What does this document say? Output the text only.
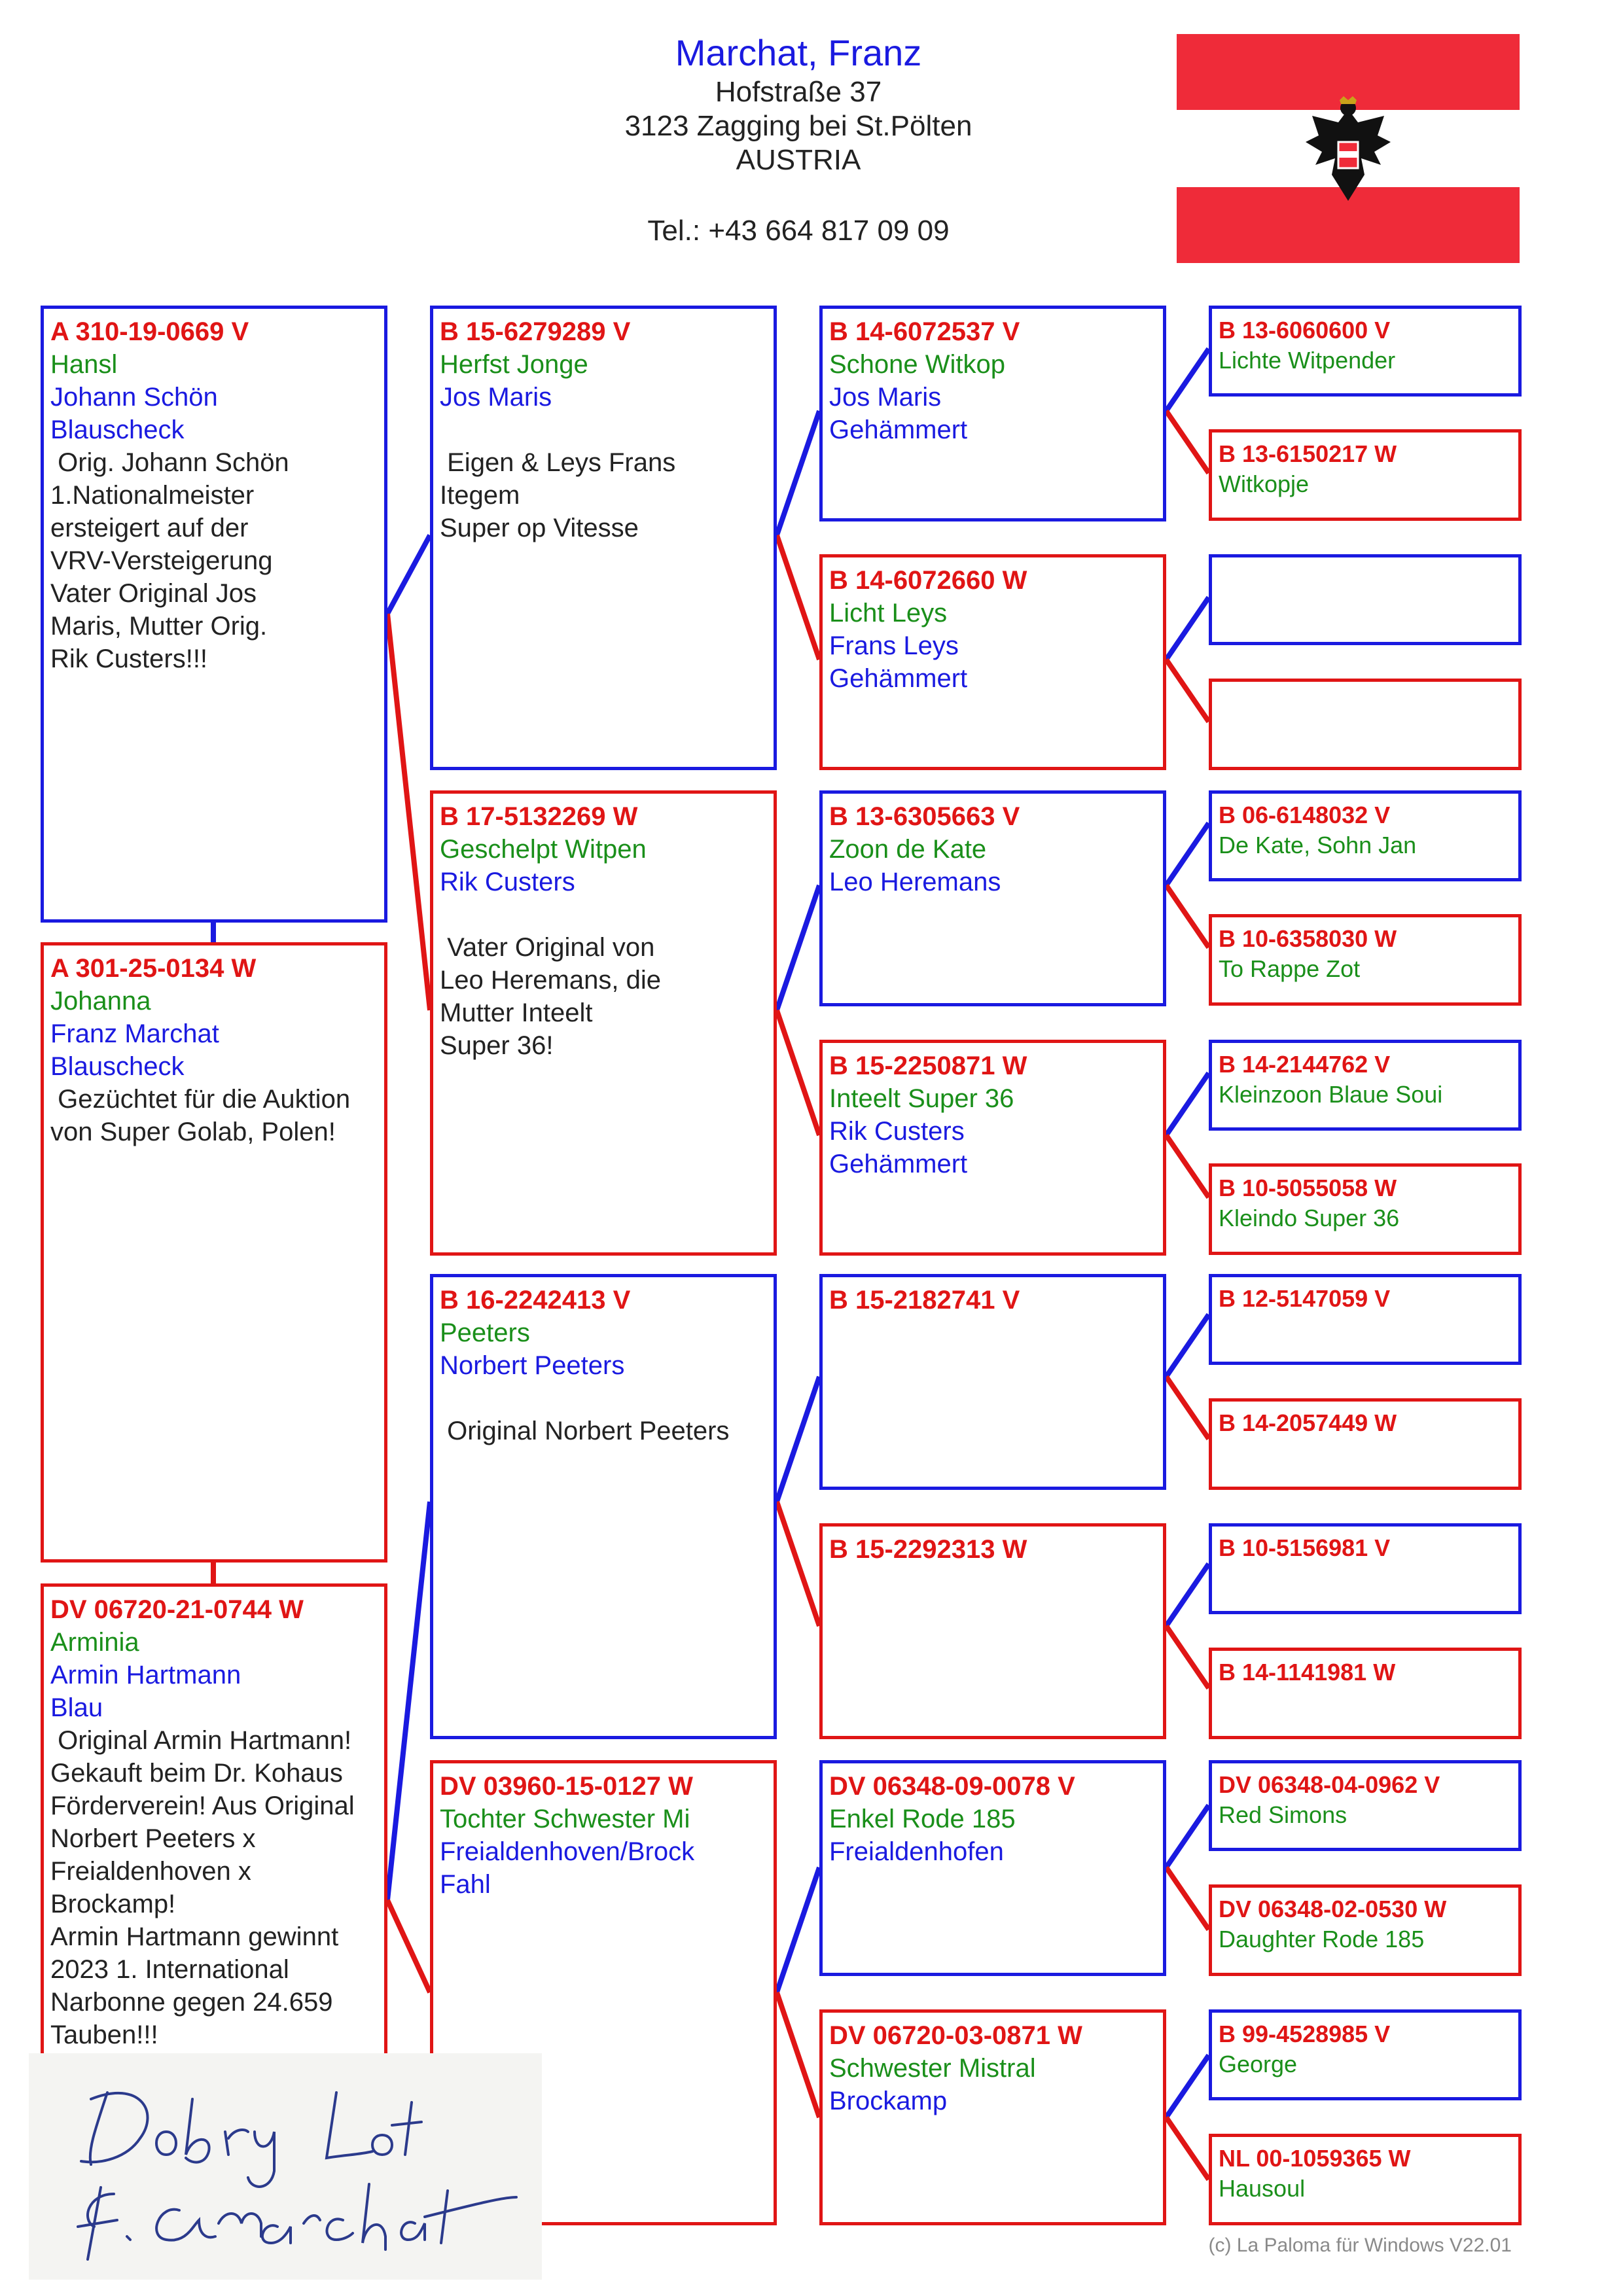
Marchat, Franz
Hofstraße 37
3123 Zagging bei St.Pölten
AUSTRIA
Tel.: +43 664 817 09 09
A 310-19-0669 V
Hansl
Johann Schön
Blauscheck
Orig. Johann Schön
1.Nationalmeister
ersteigert auf der
VRV-Versteigerung
Vater Original Jos
Maris, Mutter Orig.
Rik Custers!!!
A 301-25-0134 W
Johanna
Franz Marchat
Blauscheck
Gezüchtet für die Auktion
von Super Golab, Polen!
DV 06720-21-0744 W
Arminia
Armin Hartmann
Blau
Original Armin Hartmann!
Gekauft beim Dr. Kohaus
Förderverein! Aus Original
Norbert Peeters x
Freialdenhoven x Brockamp!
Armin Hartmann gewinnt
2023 1. International
Narbonne gegen 24.659
Tauben!!!
B 15-6279289 V
Herfst Jonge
Jos Maris

Eigen & Leys Frans
Itegem
Super op Vitesse
B 17-5132269 W
Geschelpt Witpen
Rik Custers

Vater Original von
Leo Heremans, die
Mutter Inteelt
Super 36!
B 16-2242413 V
Peeters
Norbert Peeters

Original Norbert Peeters
DV 03960-15-0127 W
Tochter Schwester Mi
Freialdenhoven/Brock
Fahl
B 14-6072537 V
Schone Witkop
Jos Maris
Gehämmert
B 14-6072660 W
Licht Leys
Frans Leys
Gehämmert
B 13-6305663 V
Zoon de Kate
Leo Heremans
B 15-2250871 W
Inteelt Super 36
Rik Custers
Gehämmert
B 15-2182741 V
B 15-2292313 W
DV 06348-09-0078 V
Enkel Rode 185
Freialdenhofen
DV 06720-03-0871 W
Schwester Mistral
Brockamp
B 13-6060600 V
Lichte Witpender
B 13-6150217 W
Witkopje
B 06-6148032 V
De Kate, Sohn Jan
B 10-6358030 W
To Rappe Zot
B 14-2144762 V
Kleinzoon Blaue Soui
B 10-5055058 W
Kleindo Super 36
B 12-5147059 V
B 14-2057449 W
B 10-5156981 V
B 14-1141981 W
DV 06348-04-0962 V
Red Simons
DV 06348-02-0530 W
Daughter Rode 185
B 99-4528985 V
George
NL 00-1059365 W
Hausoul
(c) La Paloma für Windows V22.01
